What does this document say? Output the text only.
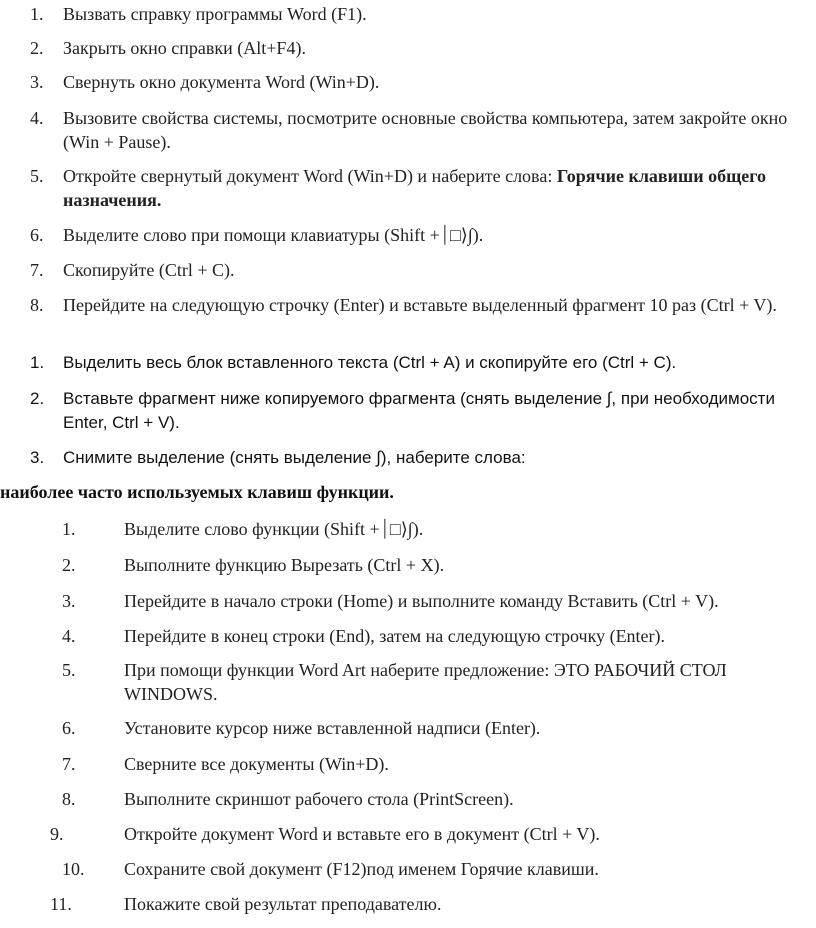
1.	Вызвать справку программы Word (F1).
2.	Закрыть окно справки (Alt+F4).
3.	Свернуть окно документа Word (Win+D).
4.	Вызовите свойства системы, посмотрите основные свойства компьютера, затем закройте окно (Win + Pause).
5.	Откройте свернутый документ Word (Win+D) и наберите слова: Горячие клавиши общего назначения.
6.	Выделите слово при помощи клавиатуры (Shift +⏐□⟩∫).
7.	Скопируйте (Ctrl + C).
8.	Перейдите на следующую строчку (Enter) и вставьте выделенный фрагмент 10 раз (Ctrl + V).
1.	Выделить весь блок вставленного текста (Ctrl + A) и скопируйте его (Ctrl + C).
2.	Вставьте фрагмент ниже копируемого фрагмента (снять выделение ∫, при необходимости Enter, Ctrl + V).
3.	Снимите выделение (снять выделение ∫), наберите слова:
наиболее часто используемых клавиш функции.
1.	Выделите слово функции (Shift +⏐□⟩∫).
2.	Выполните функцию Вырезать (Ctrl + X).
3.	Перейдите в начало строки (Home) и выполните команду Вставить (Ctrl + V).
4.	Перейдите в конец строки (End), затем на следующую строчку (Enter).
5.	При помощи функции Word Art наберите предложение: ЭТО РАБОЧИЙ СТОЛ WINDOWS.
6.	Установите курсор ниже вставленной надписи (Enter).
7.	Сверните все документы (Win+D).
8.	Выполните скриншот рабочего стола (PrintScreen).
9.	Откройте документ Word и вставьте его в документ (Ctrl + V).
10.	Сохраните свой документ (F12)под именем Горячие клавиши.
11.	Покажите свой результат преподавателю.
